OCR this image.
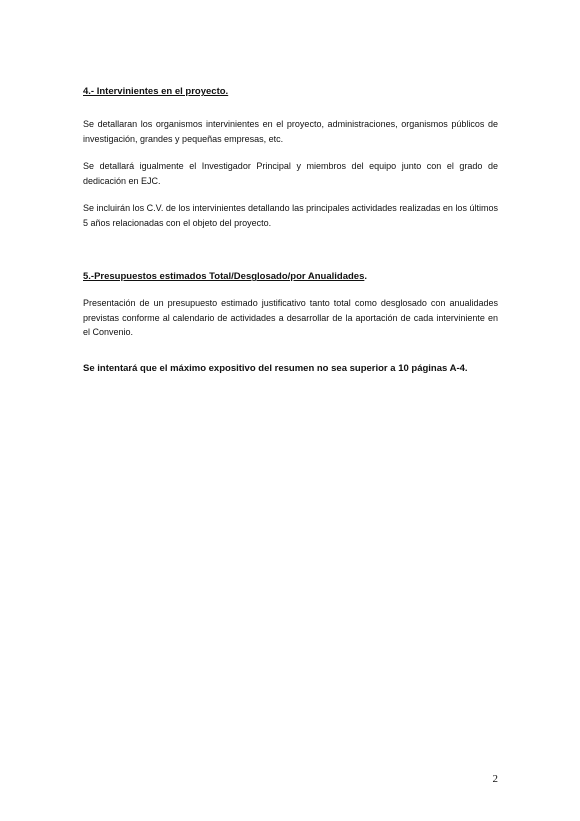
4.- Intervinientes en el proyecto.

Se detallaran los organismos intervinientes en el proyecto, administraciones, organismos públicos de investigación, grandes y pequeñas empresas, etc.

Se detallará igualmente el Investigador Principal y miembros del equipo junto con el grado de dedicación en EJC.

Se incluirán los C.V. de los intervinientes detallando las principales actividades realizadas en los últimos 5 años relacionadas con el objeto del proyecto.

5.-Presupuestos estimados Total/Desglosado/por Anualidades.

Presentación de un presupuesto estimado justificativo tanto total como desglosado con anualidades previstas conforme al calendario de actividades a desarrollar de la aportación de cada interviniente en el Convenio.

Se intentará que el máximo expositivo del resumen no sea superior a 10 páginas A-4.

2
